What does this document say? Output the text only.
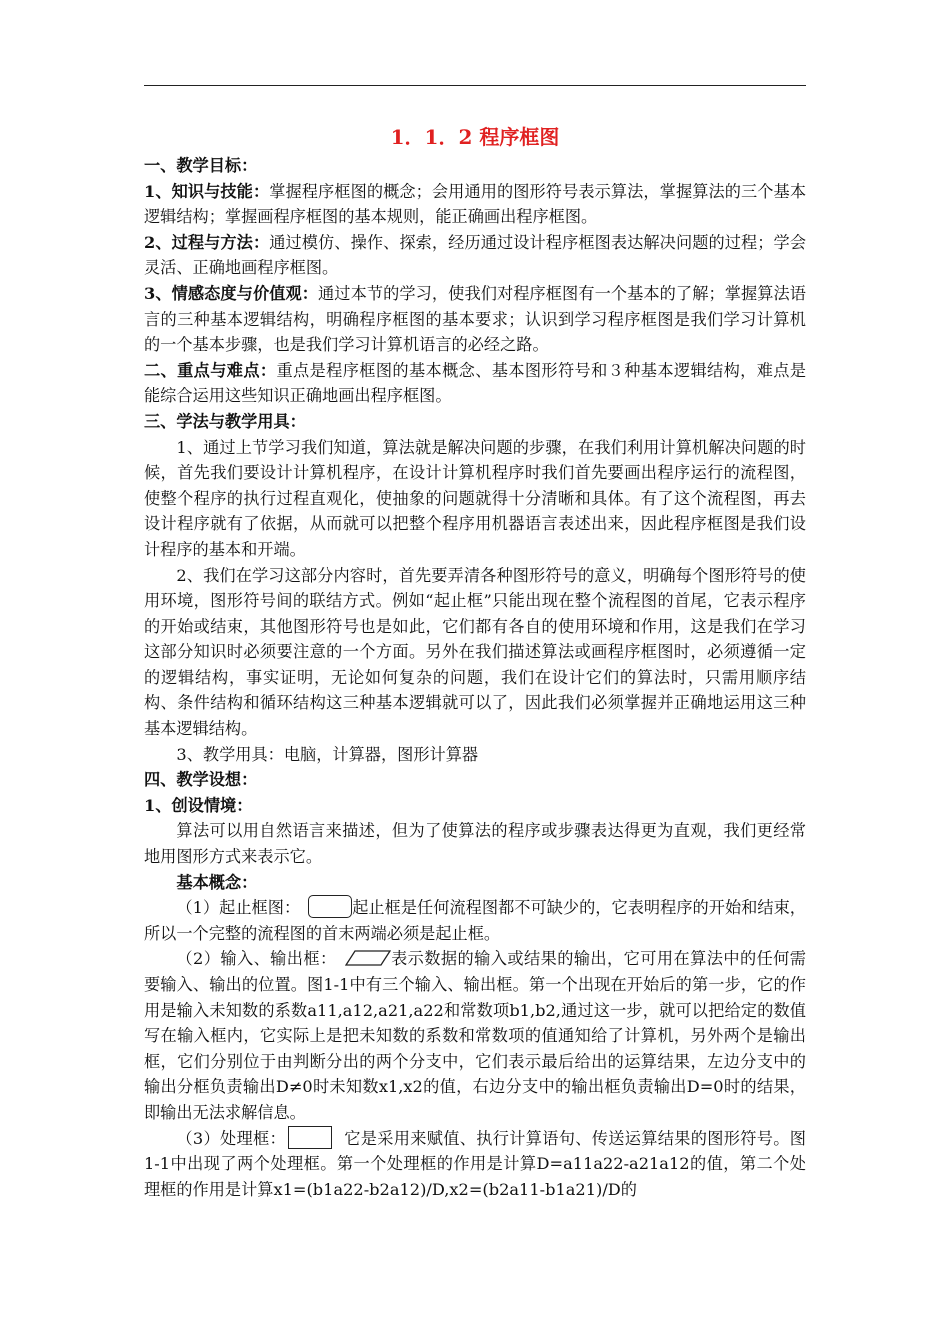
1．1．2 程序框图

一、教学目标：

1、知识与技能：掌握程序框图的概念；会用通用的图形符号表示算法，掌握算法的三个基本逻辑结构；掌握画程序框图的基本规则，能正确画出程序框图。

2、过程与方法：通过模仿、操作、探索，经历通过设计程序框图表达解决问题的过程；学会灵活、正确地画程序框图。

3、情感态度与价值观：通过本节的学习，使我们对程序框图有一个基本的了解；掌握算法语言的三种基本逻辑结构，明确程序框图的基本要求；认识到学习程序框图是我们学习计算机的一个基本步骤，也是我们学习计算机语言的必经之路。

二、重点与难点：重点是程序框图的基本概念、基本图形符号和３种基本逻辑结构，难点是能综合运用这些知识正确地画出程序框图。

三、学法与教学用具：

1、通过上节学习我们知道，算法就是解决问题的步骤，在我们利用计算机解决问题的时候，首先我们要设计计算机程序，在设计计算机程序时我们首先要画出程序运行的流程图，使整个程序的执行过程直观化，使抽象的问题就得十分清晰和具体。有了这个流程图，再去设计程序就有了依据，从而就可以把整个程序用机器语言表述出来，因此程序框图是我们设计程序的基本和开端。

2、我们在学习这部分内容时，首先要弄清各种图形符号的意义，明确每个图形符号的使用环境，图形符号间的联结方式。例如“起止框”只能出现在整个流程图的首尾，它表示程序的开始或结束，其他图形符号也是如此，它们都有各自的使用环境和作用，这是我们在学习这部分知识时必须要注意的一个方面。另外在我们描述算法或画程序框图时，必须遵循一定的逻辑结构，事实证明，无论如何复杂的问题，我们在设计它们的算法时，只需用顺序结构、条件结构和循环结构这三种基本逻辑就可以了，因此我们必须掌握并正确地运用这三种基本逻辑结构。

3、教学用具：电脑，计算器，图形计算器

四、教学设想：

1、创设情境：

算法可以用自然语言来描述，但为了使算法的程序或步骤表达得更为直观，我们更经常地用图形方式来表示它。

基本概念：

（1）起止框图：	起止框是任何流程图都不可缺少的，它表明程序的开始和结束，所以一个完整的流程图的首末两端必须是起止框。

（2）输入、输出框：	表示数据的输入或结果的输出，它可用在算法中的任何需要输入、输出的位置。图1-1中有三个输入、输出框。第一个出现在开始后的第一步，它的作用是输入未知数的系数a11,a12,a21,a22和常数项b1,b2,通过这一步，就可以把给定的数值写在输入框内，它实际上是把未知数的系数和常数项的值通知给了计算机，另外两个是输出框，它们分别位于由判断分出的两个分支中，它们表示最后给出的运算结果，左边分支中的输出分框负责输出D≠0时未知数x1,x2的值，右边分支中的输出框负责输出D=0时的结果，即输出无法求解信息。

（3）处理框：	它是采用来赋值、执行计算语句、传送运算结果的图形符号。图1-1中出现了两个处理框。第一个处理框的作用是计算D=a11a22-a21a12的值，第二个处理框的作用是计算x1=(b1a22-b2a12)/D,x2=(b2a11-b1a21)/D的
